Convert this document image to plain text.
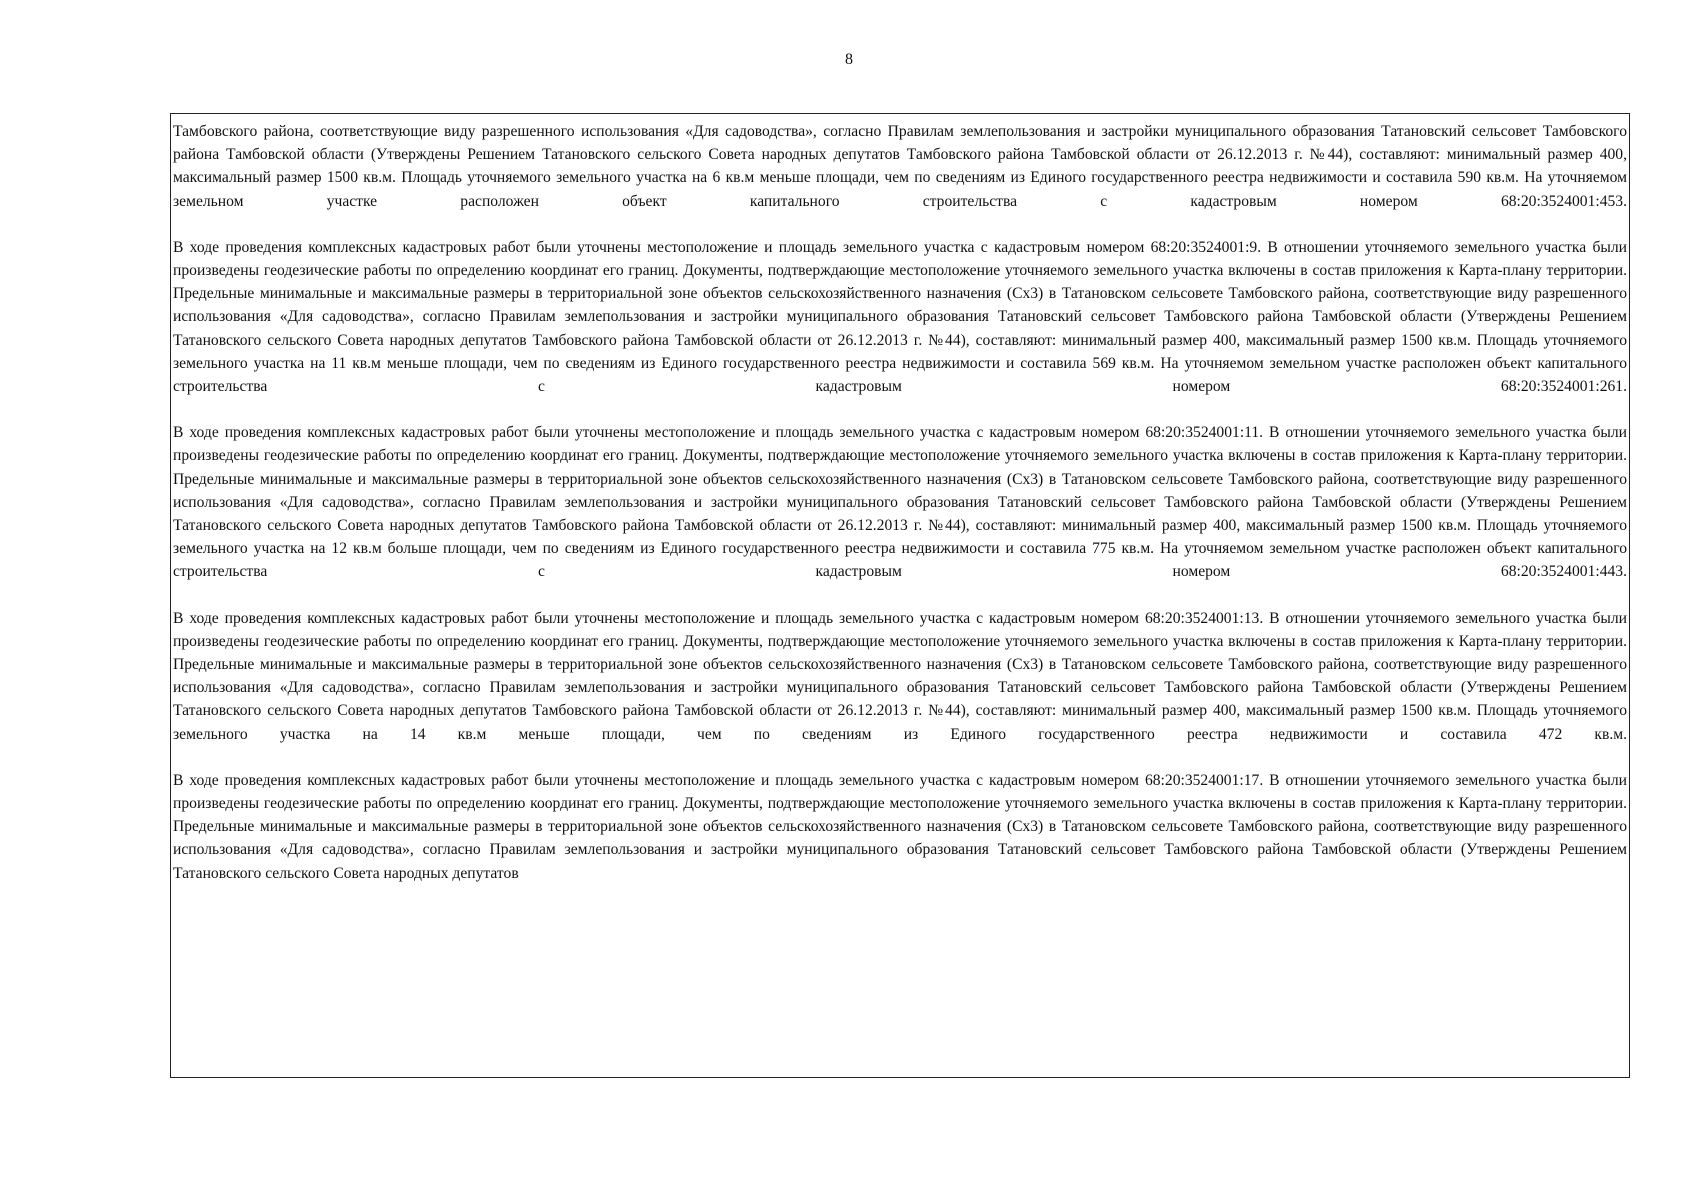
8

Тамбовского района, соответствующие виду разрешенного использования «Для садоводства», согласно Правилам землепользования и застройки муниципального образования Татановский сельсовет Тамбовского района Тамбовской области (Утверждены Решением Татановского сельского Совета народных депутатов Тамбовского района Тамбовской области от 26.12.2013 г. №44), составляют: минимальный размер 400, максимальный размер 1500 кв.м. Площадь уточняемого земельного участка на 6 кв.м меньше площади, чем по сведениям из Единого государственного реестра недвижимости и составила 590 кв.м. На уточняемом земельном участке расположен объект капитального строительства с кадастровым номером 68:20:3524001:453.

В ходе проведения комплексных кадастровых работ были уточнены местоположение и площадь земельного участка с кадастровым номером 68:20:3524001:9. В отношении уточняемого земельного участка были произведены геодезические работы по определению координат его границ. Документы, подтверждающие местоположение уточняемого земельного участка включены в состав приложения к Карта-плану территории. Предельные минимальные и максимальные размеры в территориальной зоне объектов сельскохозяйственного назначения (Сх3) в Татановском сельсовете Тамбовского района, соответствующие виду разрешенного использования «Для садоводства», согласно Правилам землепользования и застройки муниципального образования Татановский сельсовет Тамбовского района Тамбовской области (Утверждены Решением Татановского сельского Совета народных депутатов Тамбовского района Тамбовской области от 26.12.2013 г. №44), составляют: минимальный размер 400, максимальный размер 1500 кв.м. Площадь уточняемого земельного участка на 11 кв.м меньше площади, чем по сведениям из Единого государственного реестра недвижимости и составила 569 кв.м. На уточняемом земельном участке расположен объект капитального строительства с кадастровым номером 68:20:3524001:261.

В ходе проведения комплексных кадастровых работ были уточнены местоположение и площадь земельного участка с кадастровым номером 68:20:3524001:11. В отношении уточняемого земельного участка были произведены геодезические работы по определению координат его границ. Документы, подтверждающие местоположение уточняемого земельного участка включены в состав приложения к Карта-плану территории. Предельные минимальные и максимальные размеры в территориальной зоне объектов сельскохозяйственного назначения (Сх3) в Татановском сельсовете Тамбовского района, соответствующие виду разрешенного использования «Для садоводства», согласно Правилам землепользования и застройки муниципального образования Татановский сельсовет Тамбовского района Тамбовской области (Утверждены Решением Татановского сельского Совета народных депутатов Тамбовского района Тамбовской области от 26.12.2013 г. №44), составляют: минимальный размер 400, максимальный размер 1500 кв.м. Площадь уточняемого земельного участка на 12 кв.м больше площади, чем по сведениям из Единого государственного реестра недвижимости и составила 775 кв.м. На уточняемом земельном участке расположен объект капитального строительства с кадастровым номером 68:20:3524001:443.

В ходе проведения комплексных кадастровых работ были уточнены местоположение и площадь земельного участка с кадастровым номером 68:20:3524001:13. В отношении уточняемого земельного участка были произведены геодезические работы по определению координат его границ. Документы, подтверждающие местоположение уточняемого земельного участка включены в состав приложения к Карта-плану территории. Предельные минимальные и максимальные размеры в территориальной зоне объектов сельскохозяйственного назначения (Сх3) в Татановском сельсовете Тамбовского района, соответствующие виду разрешенного использования «Для садоводства», согласно Правилам землепользования и застройки муниципального образования Татановский сельсовет Тамбовского района Тамбовской области (Утверждены Решением Татановского сельского Совета народных депутатов Тамбовского района Тамбовской области от 26.12.2013 г. №44), составляют: минимальный размер 400, максимальный размер 1500 кв.м. Площадь уточняемого земельного участка на 14 кв.м меньше площади, чем по сведениям из Единого государственного реестра недвижимости и составила 472 кв.м.

В ходе проведения комплексных кадастровых работ были уточнены местоположение и площадь земельного участка с кадастровым номером 68:20:3524001:17. В отношении уточняемого земельного участка были произведены геодезические работы по определению координат его границ. Документы, подтверждающие местоположение уточняемого земельного участка включены в состав приложения к Карта-плану территории. Предельные минимальные и максимальные размеры в территориальной зоне объектов сельскохозяйственного назначения (Сх3) в Татановском сельсовете Тамбовского района, соответствующие виду разрешенного использования «Для садоводства», согласно Правилам землепользования и застройки муниципального образования Татановский сельсовет Тамбовского района Тамбовской области (Утверждены Решением Татановского сельского Совета народных депутатов
